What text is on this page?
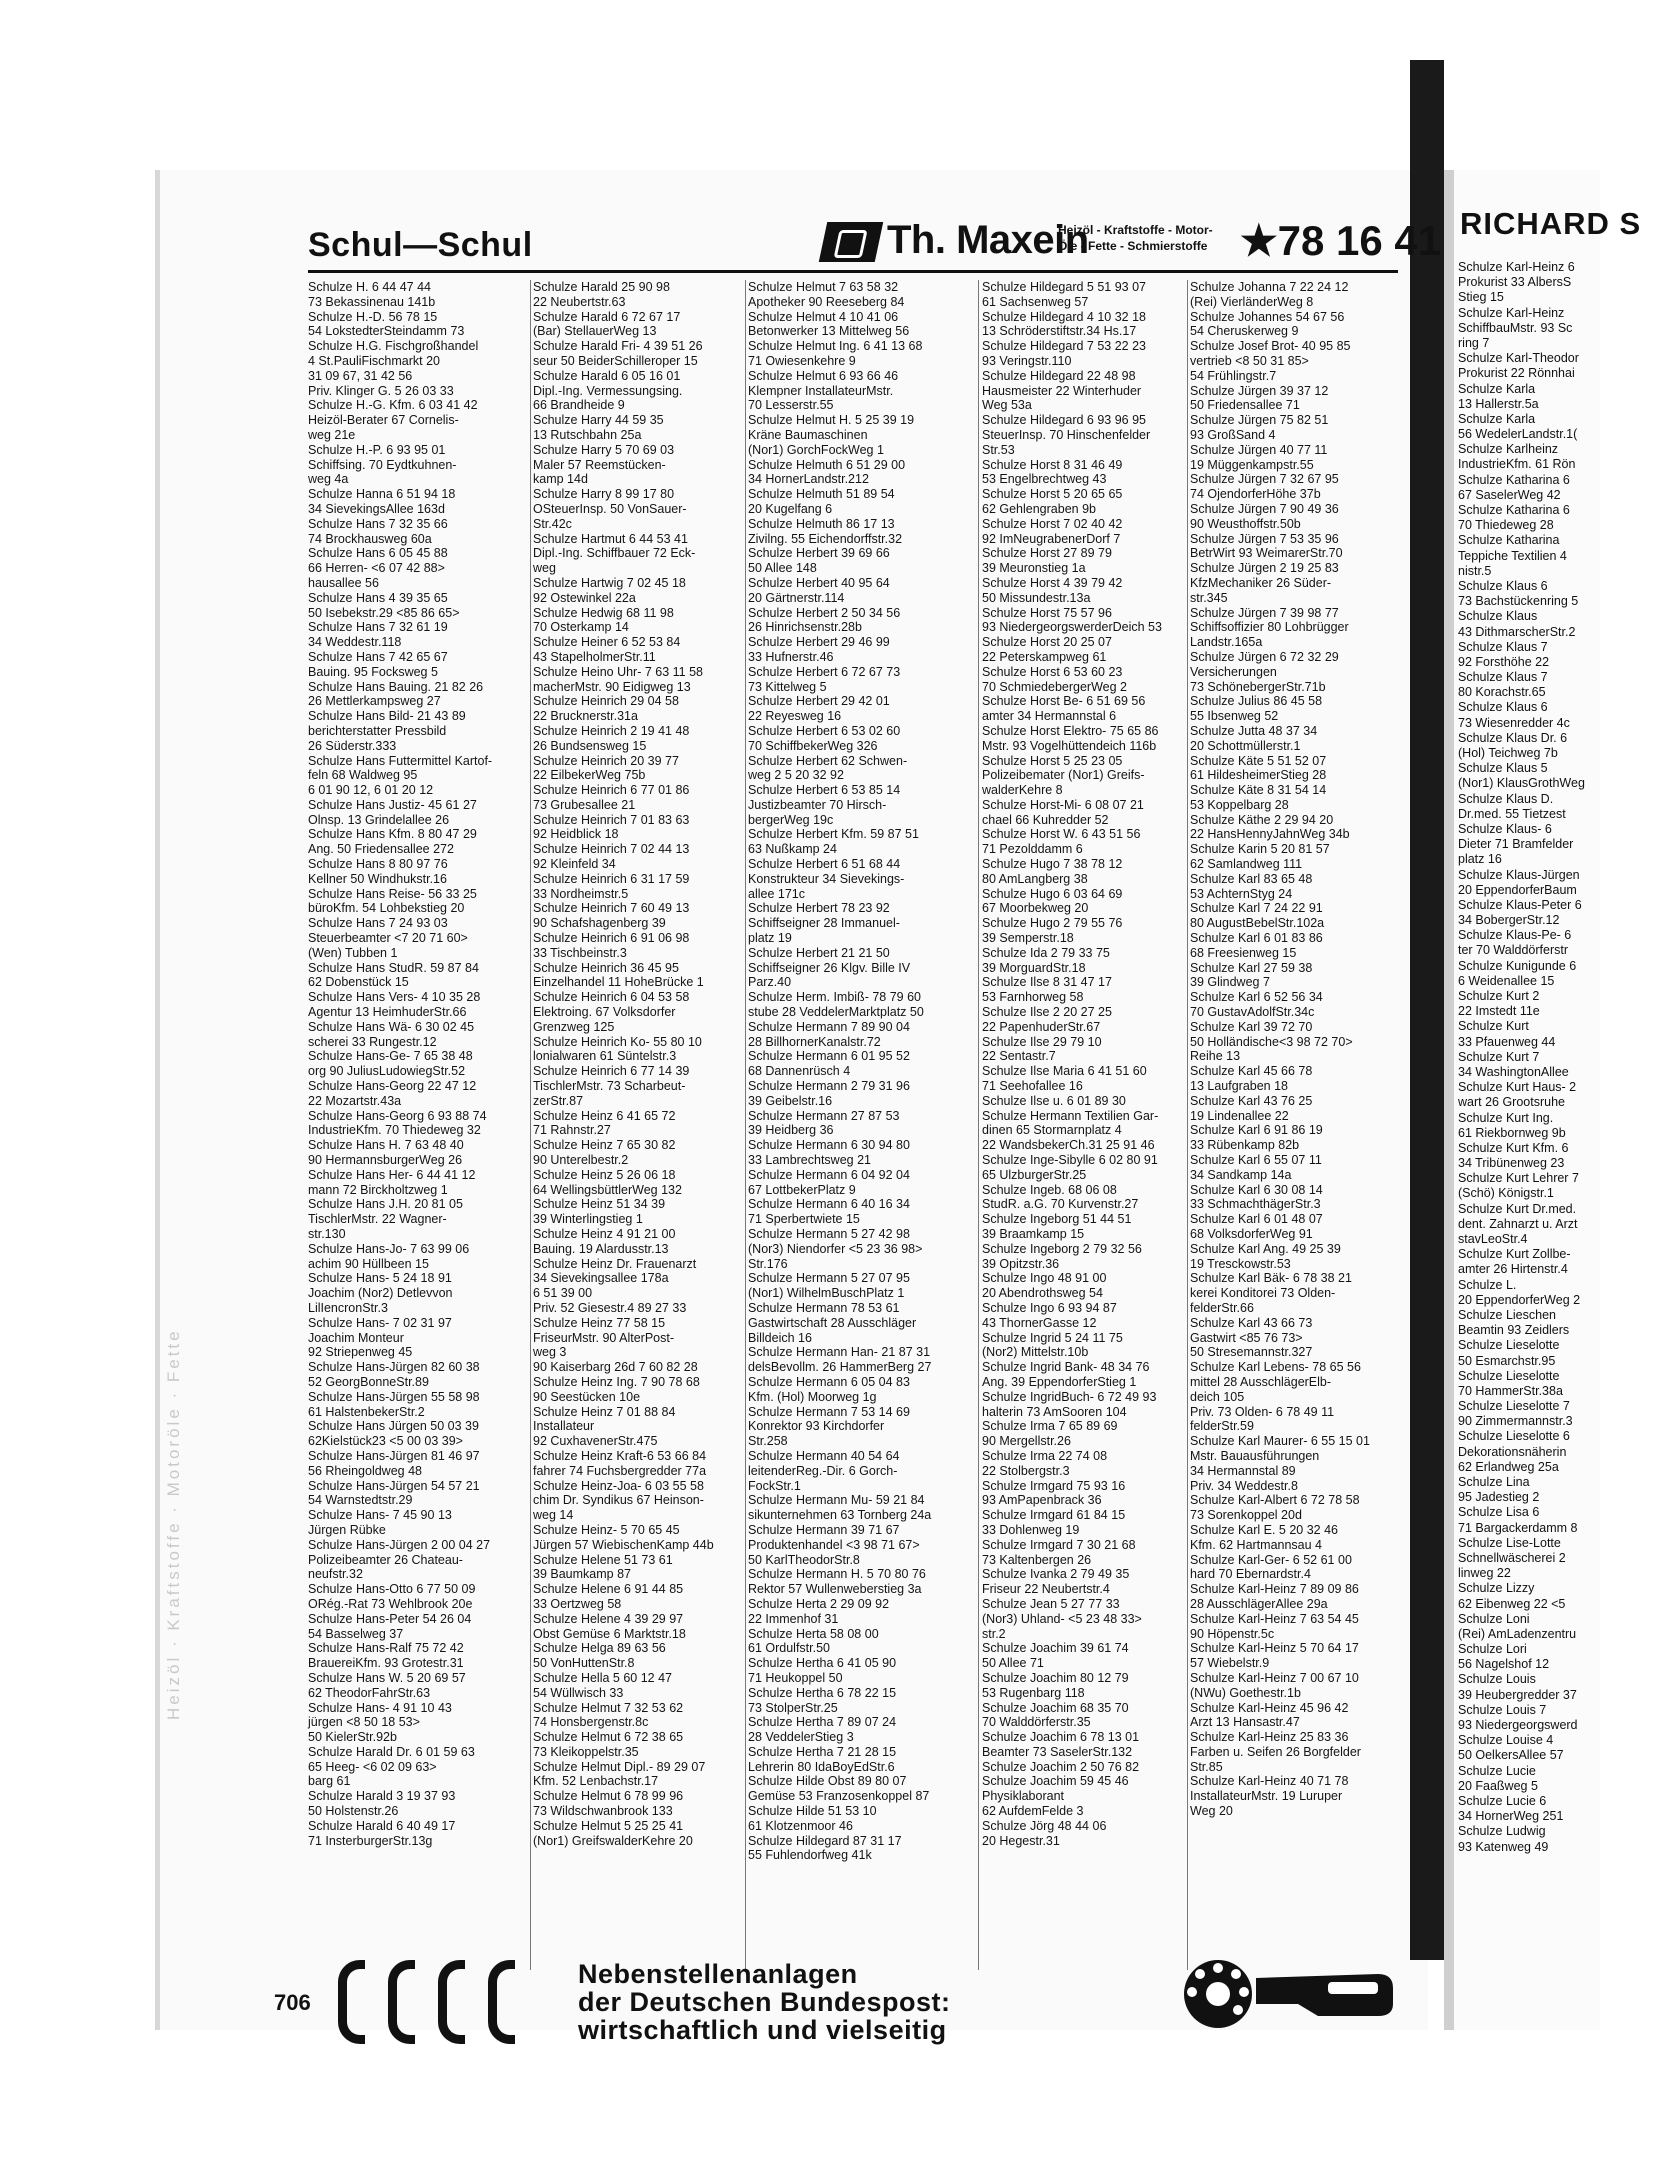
Heizöl · Kraftstoffe · Motoröle · Fette
RICHARD S
Schulze Karl-Heinz 6
Prokurist 33 AlbersS
Stieg 15
Schulze Karl-Heinz
SchiffbauMstr. 93 Sc
ring 7
Schulze Karl-Theodor
Prokurist 22 Rönnhai
Schulze Karla
13 Hallerstr.5a
Schulze Karla
56 WedelerLandstr.1(
Schulze Karlheinz
IndustrieKfm. 61 Rön
Schulze Katharina 6
67 SaselerWeg 42
Schulze Katharina 6
70 Thiedeweg 28
Schulze Katharina
Teppiche Textilien 4
nistr.5
Schulze Klaus 6
73 Bachstückenring 5
Schulze Klaus
43 DithmarscherStr.2
Schulze Klaus 7
92 Forsthöhe 22
Schulze Klaus 7
80 Korachstr.65
Schulze Klaus 6
73 Wiesenredder 4c
Schulze Klaus Dr. 6
(Hol) Teichweg 7b
Schulze Klaus 5
(Nor1) KlausGrothWeg
Schulze Klaus D.
Dr.med. 55 Tietzest
Schulze Klaus- 6
Dieter 71 Bramfelder
platz 16
Schulze Klaus-Jürgen
20 EppendorferBaum
Schulze Klaus-Peter 6
34 BobergerStr.12
Schulze Klaus-Pe- 6
ter 70 Walddörferstr
Schulze Kunigunde 6
6 Weidenallee 15
Schulze Kurt 2
22 Imstedt 11e
Schulze Kurt
33 Pfauenweg 44
Schulze Kurt 7
34 WashingtonAllee
Schulze Kurt Haus- 2
wart 26 Grootsruhe
Schulze Kurt Ing.
61 Riekbornweg 9b
Schulze Kurt Kfm. 6
34 Tribünenweg 23
Schulze Kurt Lehrer 7
(Schö) Königstr.1
Schulze Kurt Dr.med.
dent. Zahnarzt u. Arzt
stavLeoStr.4
Schulze Kurt Zollbe-
amter 26 Hirtenstr.4
Schulze L.
20 EppendorferWeg 2
Schulze Lieschen
Beamtin 93 Zeidlers
Schulze Lieselotte
50 Esmarchstr.95
Schulze Lieselotte
70 HammerStr.38a
Schulze Lieselotte 7
90 Zimmermannstr.3
Schulze Lieselotte 6
Dekorationsnäherin
62 Erlandweg 25a
Schulze Lina
95 Jadestieg 2
Schulze Lisa 6
71 Bargackerdamm 8
Schulze Lise-Lotte
Schnellwäscherei 2
linweg 22
Schulze Lizzy
62 Eibenweg 22 <5
Schulze Loni
(Rei) AmLadenzentru
Schulze Lori
56 Nagelshof 12
Schulze Louis
39 Heubergredder 37
Schulze Louis 7
93 Niedergeorgswerd
Schulze Louise 4
50 OelkersAllee 57
Schulze Lucie
20 Faaßweg 5
Schulze Lucie 6
34 HornerWeg 251
Schulze Ludwig
93 Katenweg 49
Schul—Schul	Th. Maxein
Heizöl - Kraftstoffe - Motor-
Öle - Fette - Schmierstoffe ★78 16 41
Schulze H. 6 44 47 44
73 Bekassinenau 141b
Schulze H.-D. 56 78 15
54 LokstedterSteindamm 73
Schulze H.G. Fischgroßhandel
4 St.PauliFischmarkt 20
31 09 67, 31 42 56
Priv. Klinger G. 5 26 03 33
Schulze H.-G. Kfm. 6 03 41 42
Heizöl-Berater 67 Cornelis-
weg 21e
Schulze H.-P. 6 93 95 01
Schiffsing. 70 Eydtkuhnen-
weg 4a
Schulze Hanna 6 51 94 18
34 SievekingsAllee 163d
Schulze Hans 7 32 35 66
74 Brockhausweg 60a
Schulze Hans 6 05 45 88
66 Herren- <6 07 42 88>
hausallee 56
Schulze Hans 4 39 35 65
50 Isebekstr.29 <85 86 65>
Schulze Hans 7 32 61 19
34 Weddestr.118
Schulze Hans 7 42 65 67
Bauing. 95 Focksweg 5
Schulze Hans Bauing. 21 82 26
26 Mettlerkampsweg 27
Schulze Hans Bild- 21 43 89
berichterstatter Pressbild
26 Süderstr.333
Schulze Hans Futtermittel Kartof-
feln 68 Waldweg 95
6 01 90 12, 6 01 20 12
Schulze Hans Justiz- 45 61 27
Olnsp. 13 Grindelallee 26
Schulze Hans Kfm. 8 80 47 29
Ang. 50 Friedensallee 272
Schulze Hans 8 80 97 76
Kellner 50 Windhukstr.16
Schulze Hans Reise- 56 33 25
büroKfm. 54 Lohbekstieg 20
Schulze Hans 7 24 93 03
Steuerbeamter <7 20 71 60>
(Wen) Tubben 1
Schulze Hans StudR. 59 87 84
62 Dobenstück 15
Schulze Hans Vers- 4 10 35 28
Agentur 13 HeimhuderStr.66
Schulze Hans Wä- 6 30 02 45
scherei 33 Rungestr.12
Schulze Hans-Ge- 7 65 38 48
org 90 JuliusLudowiegStr.52
Schulze Hans-Georg 22 47 12
22 Mozartstr.43a
Schulze Hans-Georg 6 93 88 74
IndustrieKfm. 70 Thiedeweg 32
Schulze Hans H. 7 63 48 40
90 HermannsburgerWeg 26
Schulze Hans Her- 6 44 41 12
mann 72 Birckholtzweg 1
Schulze Hans J.H. 20 81 05
TischlerMstr. 22 Wagner-
str.130
Schulze Hans-Jo- 7 63 99 06
achim 90 Hüllbeen 15
Schulze Hans- 5 24 18 91
Joachim (Nor2) Detlevvon
LilIencronStr.3
Schulze Hans- 7 02 31 97
Joachim Monteur
92 Striepenweg 45
Schulze Hans-Jürgen 82 60 38
52 GeorgBonneStr.89
Schulze Hans-Jürgen 55 58 98
61 HalstenbekerStr.2
Schulze Hans Jürgen 50 03 39
62Kielstück23 <5 00 03 39>
Schulze Hans-Jürgen 81 46 97
56 Rheingoldweg 48
Schulze Hans-Jürgen 54 57 21
54 Warnstedtstr.29
Schulze Hans- 7 45 90 13
Jürgen Rübke
Schulze Hans-Jürgen 2 00 04 27
Polizeibeamter 26 Chateau-
neufstr.32
Schulze Hans-Otto 6 77 50 09
ORég.-Rat 73 Wehlbrook 20e
Schulze Hans-Peter 54 26 04
54 Basselweg 37
Schulze Hans-Ralf 75 72 42
BrauereiKfm. 93 Grotestr.31
Schulze Hans W. 5 20 69 57
62 TheodorFahrStr.63
Schulze Hans- 4 91 10 43
jürgen <8 50 18 53>
50 KielerStr.92b
Schulze Harald Dr. 6 01 59 63
65 Heeg- <6 02 09 63>
barg 61
Schulze Harald 3 19 37 93
50 Holstenstr.26
Schulze Harald 6 40 49 17
71 InsterburgerStr.13g
Schulze Harald 25 90 98
22 Neubertstr.63
Schulze Harald 6 72 67 17
(Bar) StellauerWeg 13
Schulze Harald Fri- 4 39 51 26
seur 50 BeiderSchilleroper 15
Schulze Harald 6 05 16 01
Dipl.-Ing. Vermessungsing.
66 Brandheide 9
Schulze Harry 44 59 35
13 Rutschbahn 25a
Schulze Harry 5 70 69 03
Maler 57 Reemstücken-
kamp 14d
Schulze Harry 8 99 17 80
OSteuerInsp. 50 VonSauer-
Str.42c
Schulze Hartmut 6 44 53 41
Dipl.-Ing. Schiffbauer 72 Eck-
weg
Schulze Hartwig 7 02 45 18
92 Ostewinkel 22a
Schulze Hedwig 68 11 98
70 Osterkamp 14
Schulze Heiner 6 52 53 84
43 StapelholmerStr.11
Schulze Heino Uhr- 7 63 11 58
macherMstr. 90 Eidigweg 13
Schulze Heinrich 29 04 58
22 Brucknerstr.31a
Schulze Heinrich 2 19 41 48
26 Bundsensweg 15
Schulze Heinrich 20 39 77
22 EilbekerWeg 75b
Schulze Heinrich 6 77 01 86
73 Grubesallee 21
Schulze Heinrich 7 01 83 63
92 Heidblick 18
Schulze Heinrich 7 02 44 13
92 Kleinfeld 34
Schulze Heinrich 6 31 17 59
33 Nordheimstr.5
Schulze Heinrich 7 60 49 13
90 Schafshagenberg 39
Schulze Heinrich 6 91 06 98
33 Tischbeinstr.3
Schulze Heinrich 36 45 95
Einzelhandel 11 HoheBrücke 1
Schulze Heinrich 6 04 53 58
Elektroing. 67 Volksdorfer
Grenzweg 125
Schulze Heinrich Ko- 55 80 10
lonialwaren 61 Süntelstr.3
Schulze Heinrich 6 77 14 39
TischlerMstr. 73 Scharbeut-
zerStr.87
Schulze Heinz 6 41 65 72
71 Rahnstr.27
Schulze Heinz 7 65 30 82
90 Unterelbestr.2
Schulze Heinz 5 26 06 18
64 WellingsbüttlerWeg 132
Schulze Heinz 51 34 39
39 Winterlingstieg 1
Schulze Heinz 4 91 21 00
Bauing. 19 Alardusstr.13
Schulze Heinz Dr. Frauenarzt
34 Sievekingsallee 178a
6 51 39 00
Priv. 52 Giesestr.4 89 27 33
Schulze Heinz 77 58 15
FriseurMstr. 90 AlterPost-
weg 3
90 Kaiserbarg 26d 7 60 82 28
Schulze Heinz Ing. 7 90 78 68
90 Seestücken 10e
Schulze Heinz 7 01 88 84
Installateur
92 CuxhavenerStr.475
Schulze Heinz Kraft-6 53 66 84
fahrer 74 Fuchsbergredder 77a
Schulze Heinz-Joa- 6 03 55 58
chim Dr. Syndikus 67 Heinson-
weg 14
Schulze Heinz- 5 70 65 45
Jürgen 57 WiebischenKamp 44b
Schulze Helene 51 73 61
39 Baumkamp 87
Schulze Helene 6 91 44 85
33 Oertzweg 58
Schulze Helene 4 39 29 97
Obst Gemüse 6 Marktstr.18
Schulze Helga 89 63 56
50 VonHuttenStr.8
Schulze Hella 5 60 12 47
54 Wüllwisch 33
Schulze Helmut 7 32 53 62
74 Honsbergenstr.8c
Schulze Helmut 6 72 38 65
73 Kleikoppelstr.35
Schulze Helmut Dipl.- 89 29 07
Kfm. 52 Lenbachstr.17
Schulze Helmut 6 78 99 96
73 Wildschwanbrook 133
Schulze Helmut 5 25 25 41
(Nor1) GreifswalderKehre 20
Schulze Helmut 7 63 58 32
Apotheker 90 Reeseberg 84
Schulze Helmut 4 10 41 06
Betonwerker 13 Mittelweg 56
Schulze Helmut Ing. 6 41 13 68
71 Owiesenkehre 9
Schulze Helmut 6 93 66 46
Klempner InstallateurMstr.
70 Lesserstr.55
Schulze Helmut H. 5 25 39 19
Kräne Baumaschinen
(Nor1) GorchFockWeg 1
Schulze Helmuth 6 51 29 00
34 HornerLandstr.212
Schulze Helmuth 51 89 54
20 Kugelfang 6
Schulze Helmuth 86 17 13
Zivilng. 55 Eichendorffstr.32
Schulze Herbert 39 69 66
50 Allee 148
Schulze Herbert 40 95 64
20 Gärtnerstr.114
Schulze Herbert 2 50 34 56
26 Hinrichsenstr.28b
Schulze Herbert 29 46 99
33 Hufnerstr.46
Schulze Herbert 6 72 67 73
73 Kittelweg 5
Schulze Herbert 29 42 01
22 Reyesweg 16
Schulze Herbert 6 53 02 60
70 SchiffbekerWeg 326
Schulze Herbert 62 Schwen-
weg 2 5 20 32 92
Schulze Herbert 6 53 85 14
Justizbeamter 70 Hirsch-
bergerWeg 19c
Schulze Herbert Kfm. 59 87 51
63 Nußkamp 24
Schulze Herbert 6 51 68 44
Konstrukteur 34 Sievekings-
allee 171c
Schulze Herbert 78 23 92
Schiffseigner 28 Immanuel-
platz 19
Schulze Herbert 21 21 50
Schiffseigner 26 Klgv. Bille IV
Parz.40
Schulze Herm. Imbiß- 78 79 60
stube 28 VeddelerMarktplatz 50
Schulze Hermann 7 89 90 04
28 BillhornerKanalstr.72
Schulze Hermann 6 01 95 52
68 Dannenrüsch 4
Schulze Hermann 2 79 31 96
39 Geibelstr.16
Schulze Hermann 27 87 53
39 Heidberg 36
Schulze Hermann 6 30 94 80
33 Lambrechtsweg 21
Schulze Hermann 6 04 92 04
67 LottbekerPlatz 9
Schulze Hermann 6 40 16 34
71 Sperbertwiete 15
Schulze Hermann 5 27 42 98
(Nor3) Niendorfer <5 23 36 98>
Str.176
Schulze Hermann 5 27 07 95
(Nor1) WilhelmBuschPlatz 1
Schulze Hermann 78 53 61
Gastwirtschaft 28 Ausschläger
Billdeich 16
Schulze Hermann Han- 21 87 31
delsBevollm. 26 HammerBerg 27
Schulze Hermann 6 05 04 83
Kfm. (Hol) Moorweg 1g
Schulze Hermann 7 53 14 69
Konrektor 93 Kirchdorfer
Str.258
Schulze Hermann 40 54 64
leitenderReg.-Dir. 6 Gorch-
FockStr.1
Schulze Hermann Mu- 59 21 84
sikunternehmen 63 Tornberg 24a
Schulze Hermann 39 71 67
Produktenhandel <3 98 71 67>
50 KarlTheodorStr.8
Schulze Hermann H. 5 70 80 76
Rektor 57 Wullenweberstieg 3a
Schulze Herta 2 29 09 92
22 Immenhof 31
Schulze Herta 58 08 00
61 Ordulfstr.50
Schulze Hertha 6 41 05 90
71 Heukoppel 50
Schulze Hertha 6 78 22 15
73 StolperStr.25
Schulze Hertha 7 89 07 24
28 VeddelerStieg 3
Schulze Hertha 7 21 28 15
Lehrerin 80 IdaBoyEdStr.6
Schulze Hilde Obst 89 80 07
Gemüse 53 Franzosenkoppel 87
Schulze Hilde 51 53 10
61 Klotzenmoor 46
Schulze Hildegard 87 31 17
55 Fuhlendorfweg 41k
Schulze Hildegard 5 51 93 07
61 Sachsenweg 57
Schulze Hildegard 4 10 32 18
13 Schröderstiftstr.34 Hs.17
Schulze Hildegard 7 53 22 23
93 Veringstr.110
Schulze Hildegard 22 48 98
Hausmeister 22 Winterhuder
Weg 53a
Schulze Hildegard 6 93 96 95
SteuerInsp. 70 Hinschenfelder
Str.53
Schulze Horst 8 31 46 49
53 Engelbrechtweg 43
Schulze Horst 5 20 65 65
62 Gehlengraben 9b
Schulze Horst 7 02 40 42
92 ImNeugrabenerDorf 7
Schulze Horst 27 89 79
39 Meuronstieg 1a
Schulze Horst 4 39 79 42
50 Missundestr.13a
Schulze Horst 75 57 96
93 NiedergeorgswerderDeich 53
Schulze Horst 20 25 07
22 Peterskampweg 61
Schulze Horst 6 53 60 23
70 SchmiedebergerWeg 2
Schulze Horst Be- 6 51 69 56
amter 34 Hermannstal 6
Schulze Horst Elektro- 75 65 86
Mstr. 93 Vogelhüttendeich 116b
Schulze Horst 5 25 23 05
Polizeibemater (Nor1) Greifs-
walderKehre 8
Schulze Horst-Mi- 6 08 07 21
chael 66 Kuhredder 52
Schulze Horst W. 6 43 51 56
71 Pezolddamm 6
Schulze Hugo 7 38 78 12
80 AmLangberg 38
Schulze Hugo 6 03 64 69
67 Moorbekweg 20
Schulze Hugo 2 79 55 76
39 Semperstr.18
Schulze Ida 2 79 33 75
39 MorguardStr.18
Schulze Ilse 8 31 47 17
53 Farnhorweg 58
Schulze Ilse 2 20 27 25
22 PapenhuderStr.67
Schulze Ilse 29 79 10
22 Sentastr.7
Schulze Ilse Maria 6 41 51 60
71 Seehofallee 16
Schulze Ilse u. 6 01 89 30
Schulze Hermann Textilien Gar-
dinen 65 Stormarnplatz 4
22 WandsbekerCh.31 25 91 46
Schulze Inge-Sibylle 6 02 80 91
65 UlzburgerStr.25
Schulze Ingeb. 68 06 08
StudR. a.G. 70 Kurvenstr.27
Schulze Ingeborg 51 44 51
39 Braamkamp 15
Schulze Ingeborg 2 79 32 56
39 Opitzstr.36
Schulze Ingo 48 91 00
20 Abendrothsweg 54
Schulze Ingo 6 93 94 87
43 ThornerGasse 12
Schulze Ingrid 5 24 11 75
(Nor2) Mittelstr.10b
Schulze Ingrid Bank- 48 34 76
Ang. 39 EppendorferStieg 1
Schulze IngridBuch- 6 72 49 93
halterin 73 AmSooren 104
Schulze Irma 7 65 89 69
90 Mergellstr.26
Schulze Irma 22 74 08
22 Stolbergstr.3
Schulze Irmgard 75 93 16
93 AmPapenbrack 36
Schulze Irmgard 61 84 15
33 Dohlenweg 19
Schulze Irmgard 7 30 21 68
73 Kaltenbergen 26
Schulze Ivanka 2 79 49 35
Friseur 22 Neubertstr.4
Schulze Jean 5 27 77 33
(Nor3) Uhland- <5 23 48 33>
str.2
Schulze Joachim 39 61 74
50 Allee 71
Schulze Joachim 80 12 79
53 Rugenbarg 118
Schulze Joachim 68 35 70
70 Walddörferstr.35
Schulze Joachim 6 78 13 01
Beamter 73 SaselerStr.132
Schulze Joachim 2 50 76 82
Schulze Joachim 59 45 46
Physiklaborant
62 AufdemFelde 3
Schulze Jörg 48 44 06
20 Hegestr.31
Schulze Johanna 7 22 24 12
(Rei) VierländerWeg 8
Schulze Johannes 54 67 56
54 Cheruskerweg 9
Schulze Josef Brot- 40 95 85
vertrieb <8 50 31 85>
54 Frühlingstr.7
Schulze Jürgen 39 37 12
50 Friedensallee 71
Schulze Jürgen 75 82 51
93 GroßSand 4
Schulze Jürgen 40 77 11
19 Müggenkampstr.55
Schulze Jürgen 7 32 67 95
74 OjendorferHöhe 37b
Schulze Jürgen 7 90 49 36
90 Weusthoffstr.50b
Schulze Jürgen 7 53 35 96
BetrWirt 93 WeimarerStr.70
Schulze Jürgen 2 19 25 83
KfzMechaniker 26 Süder-
str.345
Schulze Jürgen 7 39 98 77
Schiffsoffizier 80 Lohbrügger
Landstr.165a
Schulze Jürgen 6 72 32 29
Versicherungen
73 SchönebergerStr.71b
Schulze Julius 86 45 58
55 Ibsenweg 52
Schulze Jutta 48 37 34
20 Schottmüllerstr.1
Schulze Käte 5 51 52 07
61 HildesheimerStieg 28
Schulze Käte 8 31 54 14
53 Koppelbarg 28
Schulze Käthe 2 29 94 20
22 HansHennyJahnWeg 34b
Schulze Karin 5 20 81 57
62 Samlandweg 111
Schulze Karl 83 65 48
53 AchternStyg 24
Schulze Karl 7 24 22 91
80 AugustBebelStr.102a
Schulze Karl 6 01 83 86
68 Freesienweg 15
Schulze Karl 27 59 38
39 Glindweg 7
Schulze Karl 6 52 56 34
70 GustavAdolfStr.34c
Schulze Karl 39 72 70
50 Holländische<3 98 72 70>
Reihe 13
Schulze Karl 45 66 78
13 Laufgraben 18
Schulze Karl 43 76 25
19 Lindenallee 22
Schulze Karl 6 91 86 19
33 Rübenkamp 82b
Schulze Karl 6 55 07 11
34 Sandkamp 14a
Schulze Karl 6 30 08 14
33 SchmachthägerStr.3
Schulze Karl 6 01 48 07
68 VolksdorferWeg 91
Schulze Karl Ang. 49 25 39
19 Tresckowstr.53
Schulze Karl Bäk- 6 78 38 21
kerei Konditorei 73 Olden-
felderStr.66
Schulze Karl 43 66 73
Gastwirt <85 76 73>
50 Stresemannstr.327
Schulze Karl Lebens- 78 65 56
mittel 28 AusschlägerElb-
deich 105
Priv. 73 Olden- 6 78 49 11
felderStr.59
Schulze Karl Maurer- 6 55 15 01
Mstr. Bauausführungen
34 Hermannstal 89
Priv. 34 Weddestr.8
Schulze Karl-Albert 6 72 78 58
73 Sorenkoppel 20d
Schulze Karl E. 5 20 32 46
Kfm. 62 Hartmannsau 4
Schulze Karl-Ger- 6 52 61 00
hard 70 Ebernardstr.4
Schulze Karl-Heinz 7 89 09 86
28 AusschlägerAllee 29a
Schulze Karl-Heinz 7 63 54 45
90 Höpenstr.5c
Schulze Karl-Heinz 5 70 64 17
57 Wiebelstr.9
Schulze Karl-Heinz 7 00 67 10
(NWu) Goethestr.1b
Schulze Karl-Heinz 45 96 42
Arzt 13 Hansastr.47
Schulze Karl-Heinz 25 83 36
Farben u. Seifen 26 Borgfelder
Str.85
Schulze Karl-Heinz 40 71 78
InstallateurMstr. 19 Luruper
Weg 20
706
Nebenstellenanlagen
der Deutschen Bundespost:
wirtschaftlich und vielseitig
